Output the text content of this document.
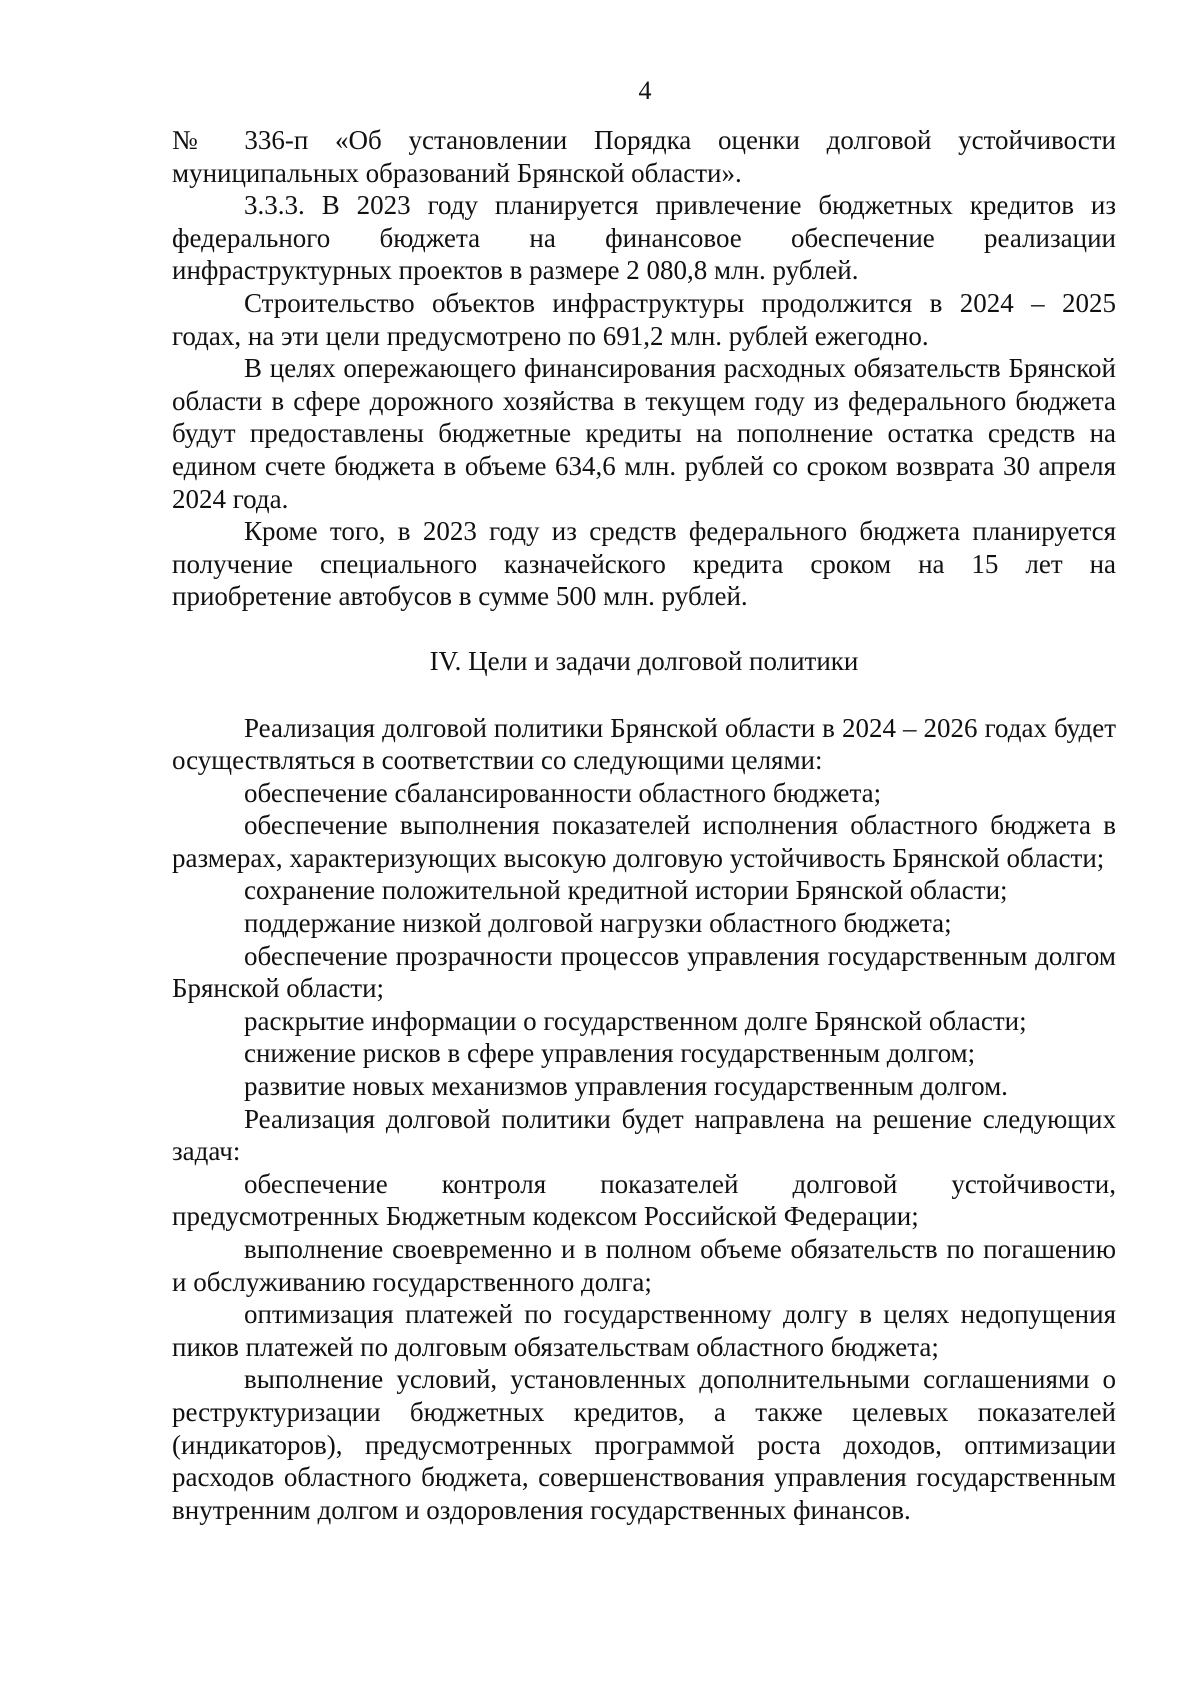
4

№ 336-п «Об установлении Порядка оценки долговой устойчивости муниципальных образований Брянской области».

3.3.3. В 2023 году планируется привлечение бюджетных кредитов из федерального бюджета на финансовое обеспечение реализации инфраструктурных проектов в размере 2 080,8 млн. рублей.

Строительство объектов инфраструктуры продолжится в 2024 – 2025 годах, на эти цели предусмотрено по 691,2 млн. рублей ежегодно.

В целях опережающего финансирования расходных обязательств Брянской области в сфере дорожного хозяйства в текущем году из федерального бюджета будут предоставлены бюджетные кредиты на пополнение остатка средств на едином счете бюджета в объеме 634,6 млн. рублей со сроком возврата 30 апреля 2024 года.

Кроме того, в 2023 году из средств федерального бюджета планируется получение специального казначейского кредита сроком на 15 лет на приобретение автобусов в сумме 500 млн. рублей.

IV. Цели и задачи долговой политики

Реализация долговой политики Брянской области в 2024 – 2026 годах будет осуществляться в соответствии со следующими целями:

обеспечение сбалансированности областного бюджета;

обеспечение выполнения показателей исполнения областного бюджета в размерах, характеризующих высокую долговую устойчивость Брянской области;

сохранение положительной кредитной истории Брянской области;

поддержание низкой долговой нагрузки областного бюджета;

обеспечение прозрачности процессов управления государственным долгом Брянской области;

раскрытие информации о государственном долге Брянской области;

снижение рисков в сфере управления государственным долгом;

развитие новых механизмов управления государственным долгом.

Реализация долговой политики будет направлена на решение следующих задач:

обеспечение контроля показателей долговой устойчивости, предусмотренных Бюджетным кодексом Российской Федерации;

выполнение своевременно и в полном объеме обязательств по погашению и обслуживанию государственного долга;

оптимизация платежей по государственному долгу в целях недопущения пиков платежей по долговым обязательствам областного бюджета;

выполнение условий, установленных дополнительными соглашениями о реструктуризации бюджетных кредитов, а также целевых показателей (индикаторов), предусмотренных программой роста доходов, оптимизации расходов областного бюджета, совершенствования управления государственным внутренним долгом и оздоровления государственных финансов.
